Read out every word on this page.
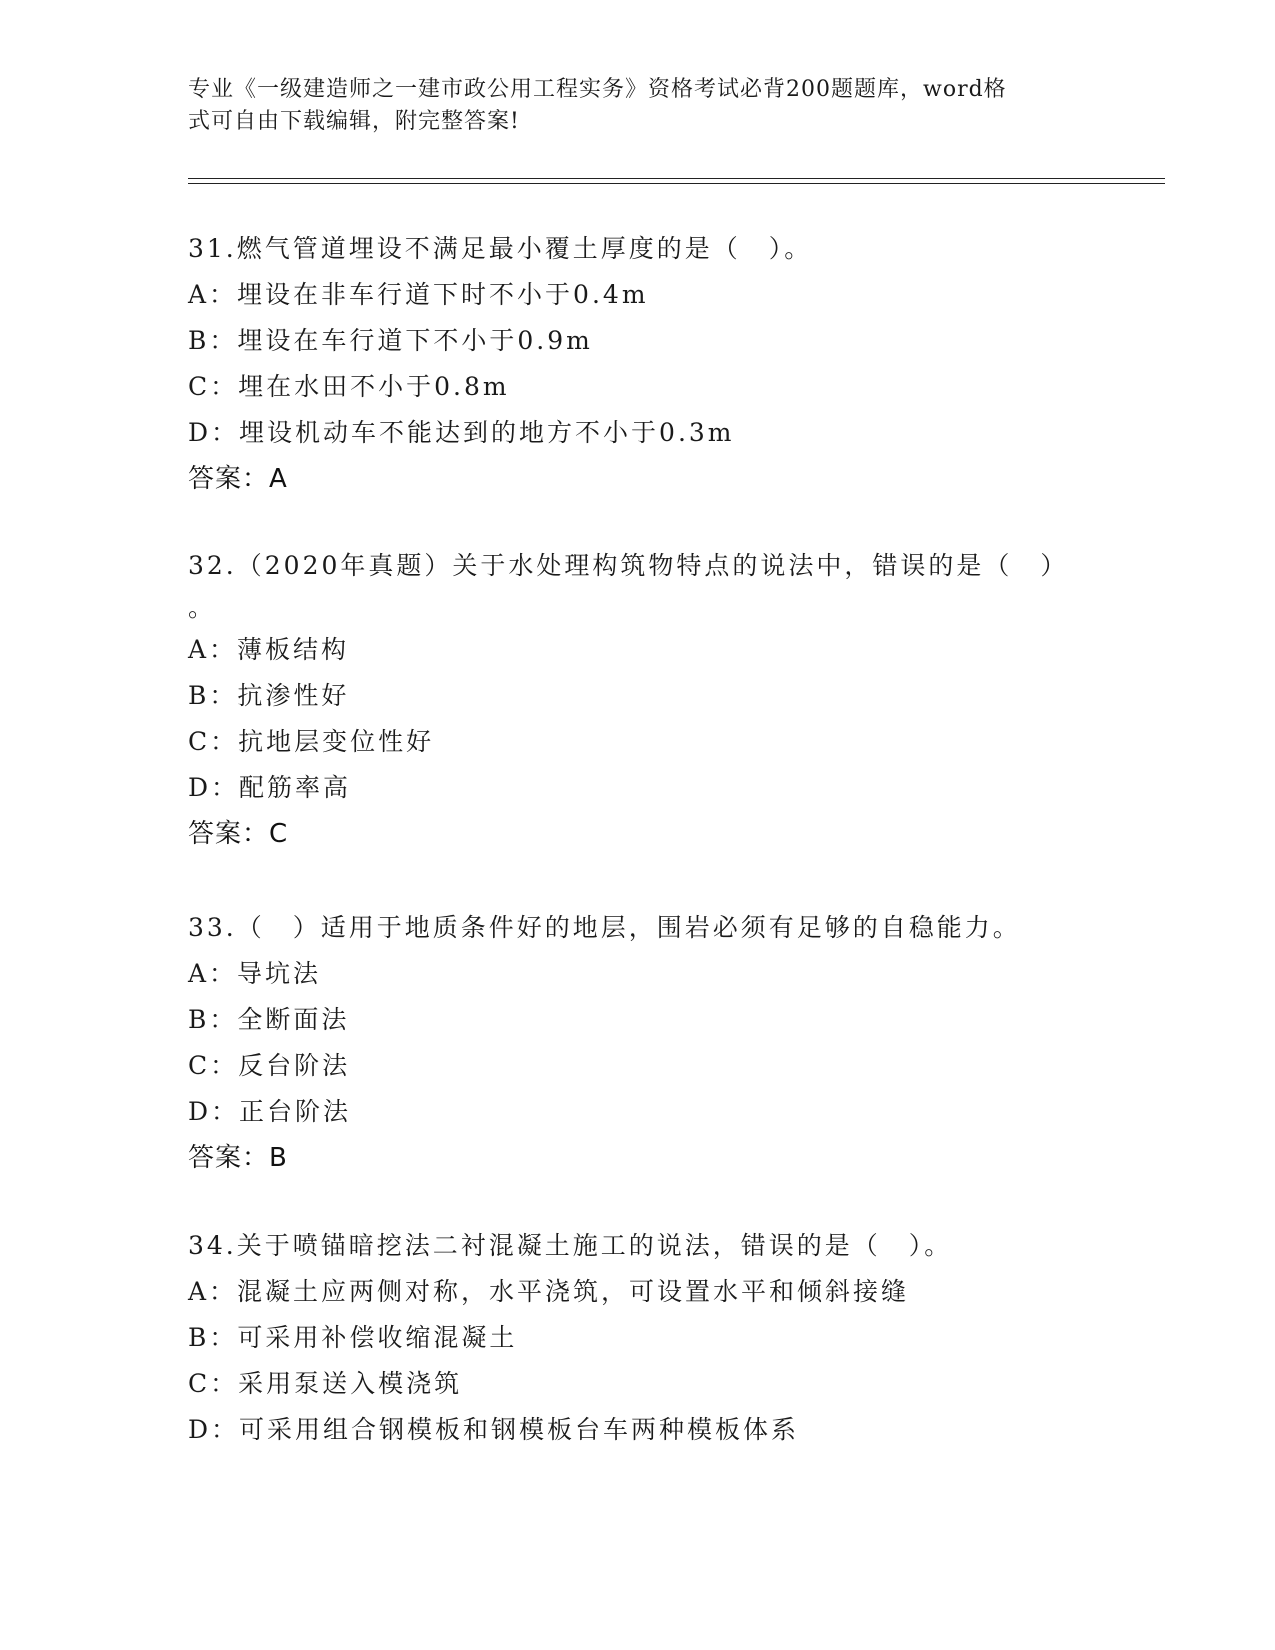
专业《一级建造师之一建市政公用工程实务》资格考试必背200题题库，word格
式可自由下载编辑，附完整答案!
31.燃气管道埋设不满足最小覆土厚度的是（　）。
A：埋设在非车行道下时不小于0.4m
B：埋设在车行道下不小于0.9m
C：埋在水田不小于0.8m
D：埋设机动车不能达到的地方不小于0.3m
答案：A
32.（2020年真题）关于水处理构筑物特点的说法中，错误的是（　）
。
A：薄板结构
B：抗渗性好
C：抗地层变位性好
D：配筋率高
答案：C
33.（　）适用于地质条件好的地层，围岩必须有足够的自稳能力。
A：导坑法
B：全断面法
C：反台阶法
D：正台阶法
答案：B
34.关于喷锚暗挖法二衬混凝土施工的说法，错误的是（　）。
A：混凝土应两侧对称，水平浇筑，可设置水平和倾斜接缝
B：可采用补偿收缩混凝土
C：采用泵送入模浇筑
D：可采用组合钢模板和钢模板台车两种模板体系
